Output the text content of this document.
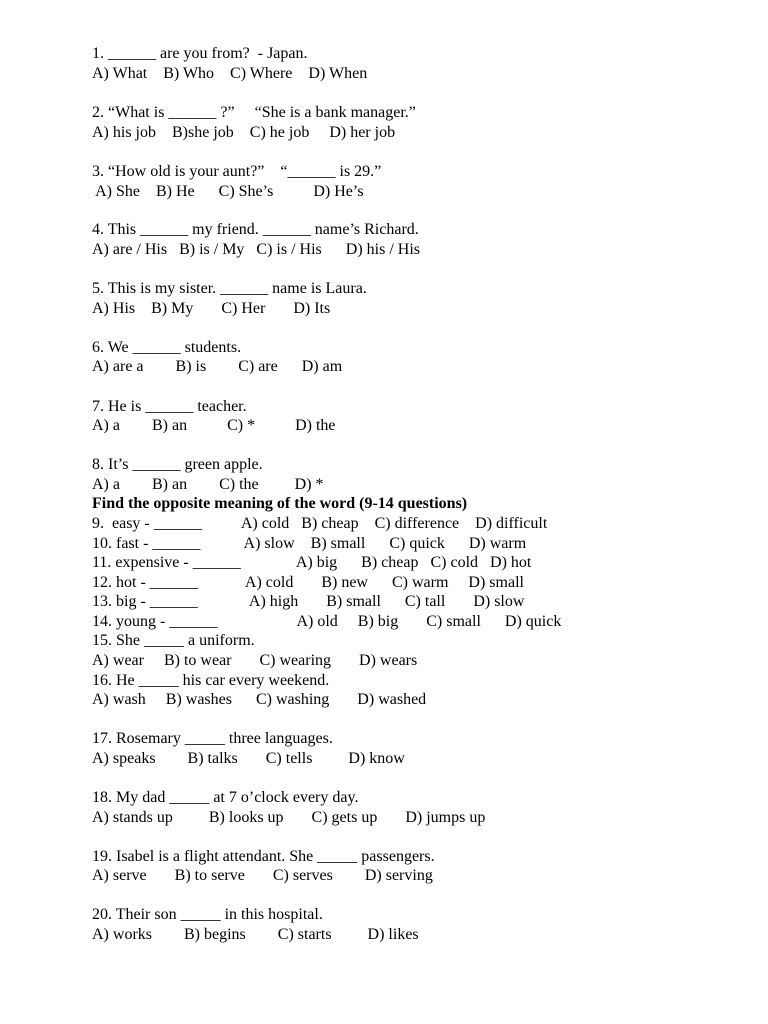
1. ______ are you from?  - Japan.
A) What    B) Who    C) Where    D) When
2. “What is ______ ?”     “She is a bank manager.”
A) his job    B)she job    C) he job     D) her job
3. “How old is your aunt?”    “______ is 29.”
A) She    B) He      C) She’s          D) He’s
4. This ______ my friend. ______ name’s Richard.
A) are / His   B) is / My   C) is / His      D) his / His
5. This is my sister. ______ name is Laura.
A) His    B) My       C) Her       D) Its
6. We ______ students.
A) are a        B) is        C) are      D) am
7. He is ______ teacher.
A) a        B) an          C) *          D) the
8. It’s ______ green apple.
A) a        B) an        C) the         D) *
Find the opposite meaning of the word (9-14 questions)
9.  easy - ______          A) cold   B) cheap    C) difference    D) difficult
10. fast - ______           A) slow    B) small      C) quick      D) warm
11. expensive - ______              A) big      B) cheap   C) cold   D) hot
12. hot - ______            A) cold       B) new      C) warm     D) small
13. big - ______             A) high       B) small      C) tall       D) slow
14. young - ______                    A) old     B) big       C) small      D) quick
15. She _____ a uniform.
A) wear     B) to wear       C) wearing       D) wears
16. He _____ his car every weekend.
A) wash     B) washes      C) washing       D) washed
17. Rosemary _____ three languages.
A) speaks        B) talks       C) tells         D) know
18. My dad _____ at 7 o’clock every day.
A) stands up         B) looks up       C) gets up       D) jumps up
19. Isabel is a flight attendant. She _____ passengers.
A) serve       B) to serve       C) serves        D) serving
20. Their son _____ in this hospital.
A) works        B) begins        C) starts         D) likes
